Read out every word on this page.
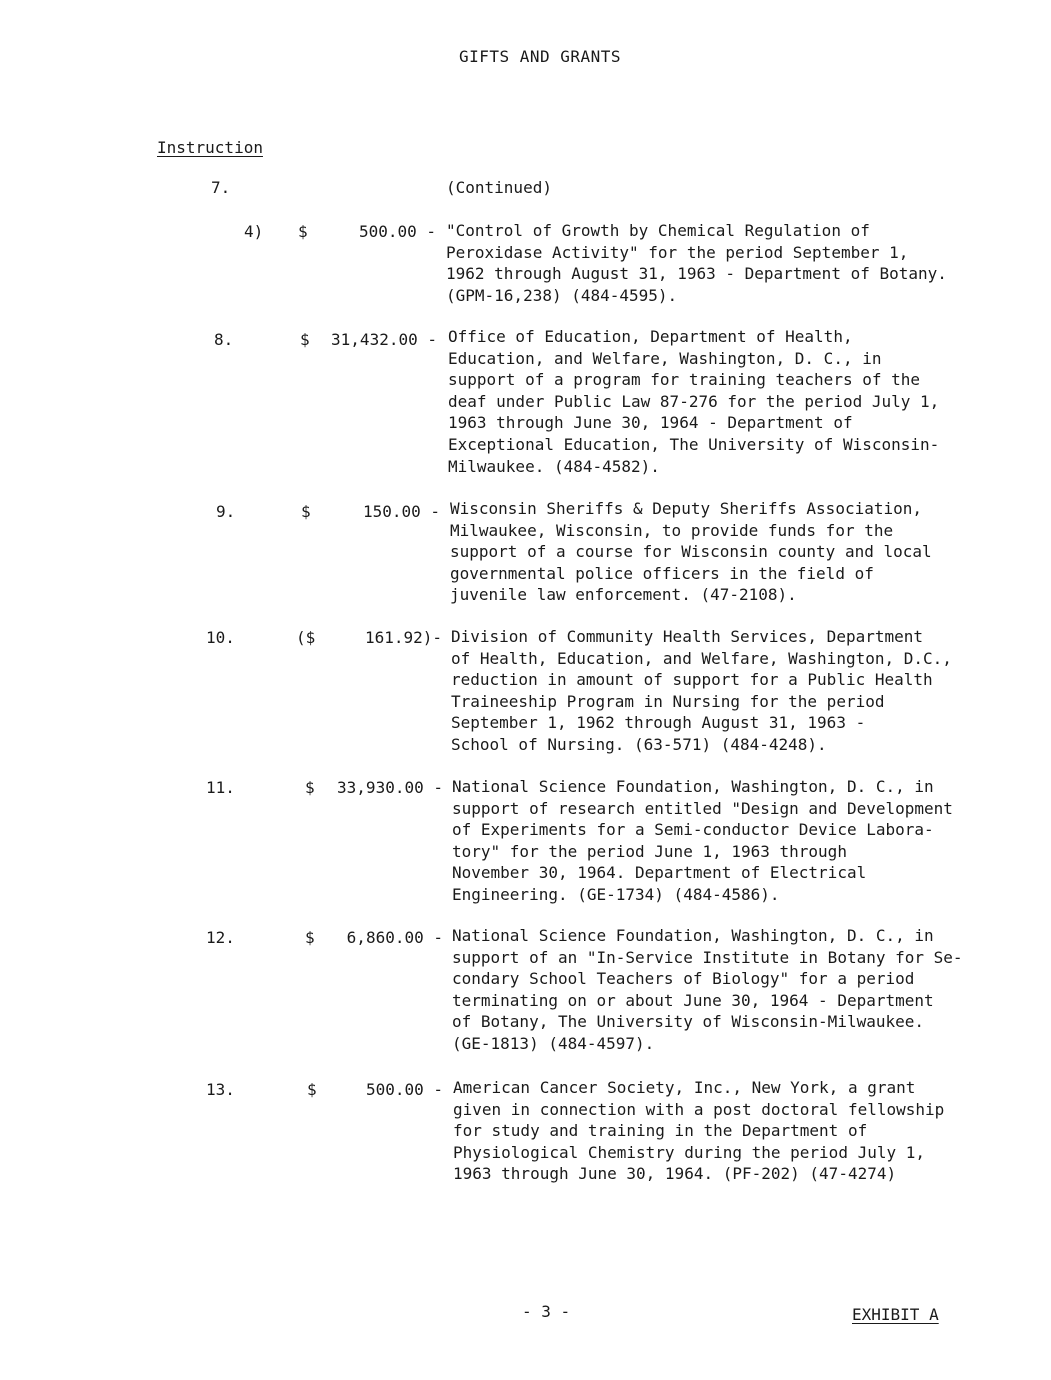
GIFTS AND GRANTS
Instruction
7.	(Continued)
4) $	500.00 - "Control of Growth by Chemical Regulation of
Peroxidase Activity" for the period September 1,
1962 through August 31, 1963 - Department of Botany.
(GPM-16,238) (484-4595).
8.	$	31,432.00 - Office of Education, Department of Health,
Education, and Welfare, Washington, D. C., in
support of a program for training teachers of the
deaf under Public Law 87-276 for the period July 1,
1963 through June 30, 1964 - Department of
Exceptional Education, The University of Wisconsin-
Milwaukee. (484-4582).
9.	$	150.00 - Wisconsin Sheriffs & Deputy Sheriffs Association,
Milwaukee, Wisconsin, to provide funds for the
support of a course for Wisconsin county and local
governmental police officers in the field of
juvenile law enforcement. (47-2108).
10.	($	161.92)- Division of Community Health Services, Department
of Health, Education, and Welfare, Washington, D.C.,
reduction in amount of support for a Public Health
Traineeship Program in Nursing for the period
September 1, 1962 through August 31, 1963 -
School of Nursing. (63-571) (484-4248).
11.	$	33,930.00 - National Science Foundation, Washington, D. C., in
support of research entitled "Design and Development
of Experiments for a Semi-conductor Device Labora-
tory" for the period June 1, 1963 through
November 30, 1964. Department of Electrical
Engineering. (GE-1734) (484-4586).
12.	$	6,860.00 - National Science Foundation, Washington, D. C., in
support of an "In-Service Institute in Botany for Se-
condary School Teachers of Biology" for a period
terminating on or about June 30, 1964 - Department
of Botany, The University of Wisconsin-Milwaukee.
(GE-1813) (484-4597).
13.	$	500.00 - American Cancer Society, Inc., New York, a grant
given in connection with a post doctoral fellowship
for study and training in the Department of
Physiological Chemistry during the period July 1,
1963 through June 30, 1964. (PF-202) (47-4274)
- 3 -	EXHIBIT A
